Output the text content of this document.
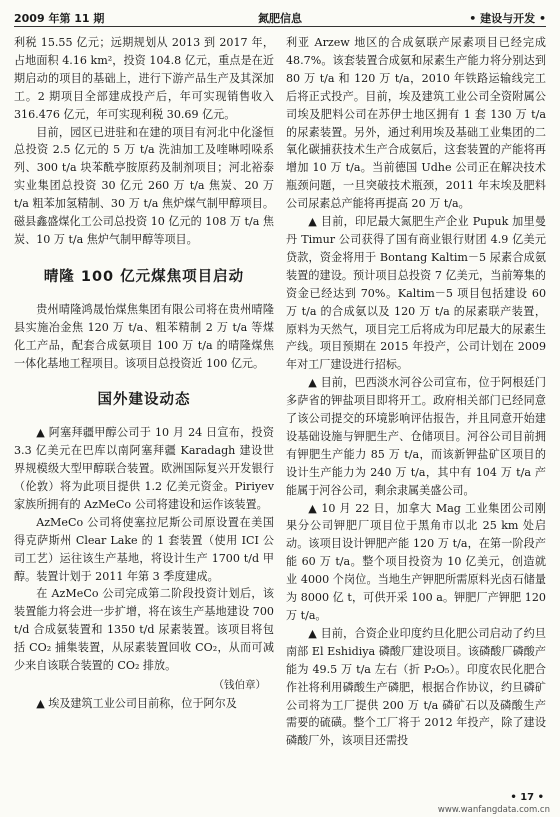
2009 年第 11 期	氮肥信息	• 建设与开发 •

利税 15.55 亿元；远期规划从 2013 到 2017 年，占地面积 4.16 km²，投资 104.8 亿元，重点是在近期启动的项目的基础上，进行下游产品生产及其深加工。2 期项目全部建成投产后，年可实现销售收入 316.476 亿元，年可实现利税 30.69 亿元。

目前，园区已进驻和在建的项目有河北中化滏恒总投资 2.5 亿元的 5 万 t/a 洗油加工及喹啉吲哚系列、300 t/a 块苯酰亭胺原药及制剂项目；河北裕泰实业集团总投资 30 亿元 260 万 t/a 焦炭、20 万 t/a 粗苯加氢精制、30 万 t/a 焦炉煤气制甲醇项目。磁县鑫盛煤化工公司总投资 10 亿元的 108 万 t/a 焦炭、10 万 t/a 焦炉气制甲醇等项目。

晴隆 100 亿元煤焦项目启动

贵州晴隆鸿晟怡煤焦集团有限公司将在贵州晴隆县实施冶金焦 120 万 t/a、粗苯精制 2 万 t/a 等煤化工产品，配套合成氨项目 100 万 t/a 的晴隆煤焦一体化基地工程项目。该项目总投资近 100 亿元。

国外建设动态

▲ 阿塞拜疆甲醇公司于 10 月 24 日宣布，投资 3.3 亿美元在巴库以南阿塞拜疆 Karadagh 建设世界规模级大型甲醇联合装置。欧洲国际复兴开发银行（伦敦）将为此项目提供 1.2 亿美元资金。Piriyev 家族所拥有的 AzMeCo 公司将建设和运作该装置。

AzMeCo 公司将使塞拉尼斯公司原设置在美国得克萨斯州 Clear Lake 的 1 套装置（使用 ICI 公司工艺）运往该生产基地，将设计生产 1700 t/d 甲醇。装置计划于 2011 年第 3 季度建成。

在 AzMeCo 公司完成第二阶段投资计划后，该装置能力将会进一步扩增，将在该生产基地建设 700 t/d 合成氨装置和 1350 t/d 尿素装置。该项目将包括 CO₂ 捕集装置，从尿素装置回收 CO₂，从而可减少来自该联合装置的 CO₂ 排放。

（钱伯章）

▲ 埃及建筑工业公司目前称，位于阿尔及

利亚 Arzew 地区的合成氨联产尿素项目已经完成 48.7%。该套装置合成氨和尿素生产能力将分别达到 80 万 t/a 和 120 万 t/a，2010 年铁路运输线完工后将正式投产。目前，埃及建筑工业公司全资附属公司埃及肥料公司在苏伊士地区拥有 1 套 130 万 t/a 的尿素装置。另外，通过利用埃及基础工业集团的二氧化碳捕获技术生产合成氨后，这套装置的产能将再增加 10 万 t/a。当前德国 Udhe 公司正在解决技术瓶颈问题，一旦突破技术瓶颈，2011 年末埃及肥料公司尿素总产能将再提高 20 万 t/a。

▲ 目前，印尼最大氮肥生产企业 Pupuk 加里曼丹 Timur 公司获得了国有商业银行财团 4.9 亿美元贷款，资金将用于 Bontang Kaltim－5 尿素合成氨装置的建设。预计项目总投资 7 亿美元，当前筹集的资金已经达到 70%。Kaltim－5 项目包括建设 60 万 t/a 的合成氨以及 120 万 t/a 的尿素联产装置，原料为天然气，项目完工后将成为印尼最大的尿素生产线。项目预期在 2015 年投产，公司计划在 2009 年对工厂建设进行招标。

▲ 目前，巴西淡水河谷公司宣布，位于阿根廷门多萨省的钾盐项目即将开工。政府相关部门已经同意了该公司提交的环境影响评估报告，并且同意开始建设基础设施与钾肥生产、仓储项目。河谷公司目前拥有钾肥生产能力 85 万 t/a，而该新钾盐矿区项目的设计生产能力为 240 万 t/a，其中有 104 万 t/a 产能属于河谷公司，剩余隶属美盛公司。

▲ 10 月 22 日，加拿大 Mag 工业集团公司刚果分公司钾肥厂项目位于黑角市以北 25 km 处启动。该项目设计钾肥产能 120 万 t/a，在第一阶段产能 60 万 t/a。整个项目投资为 10 亿美元，创造就业 4000 个岗位。当地生产钾肥所需原料光卤石储量为 8000 亿 t，可供开采 100 a。钾肥厂产钾肥 120 万 t/a。

▲ 目前，合资企业印度约旦化肥公司启动了约旦南部 El Eshidiya 磷酸厂建设项目。该磷酸厂磷酸产能为 49.5 万 t/a 左右（折 P₂O₅）。印度农民化肥合作社将利用磷酸生产磷肥，根据合作协议，约旦磷矿公司将为工厂提供 200 万 t/a 磷矿石以及磷酸生产需要的硫磺。整个工厂将于 2012 年投产，除了建设磷酸厂外，该项目还需投

• 17 •
www.wanfangdata.com.cn
